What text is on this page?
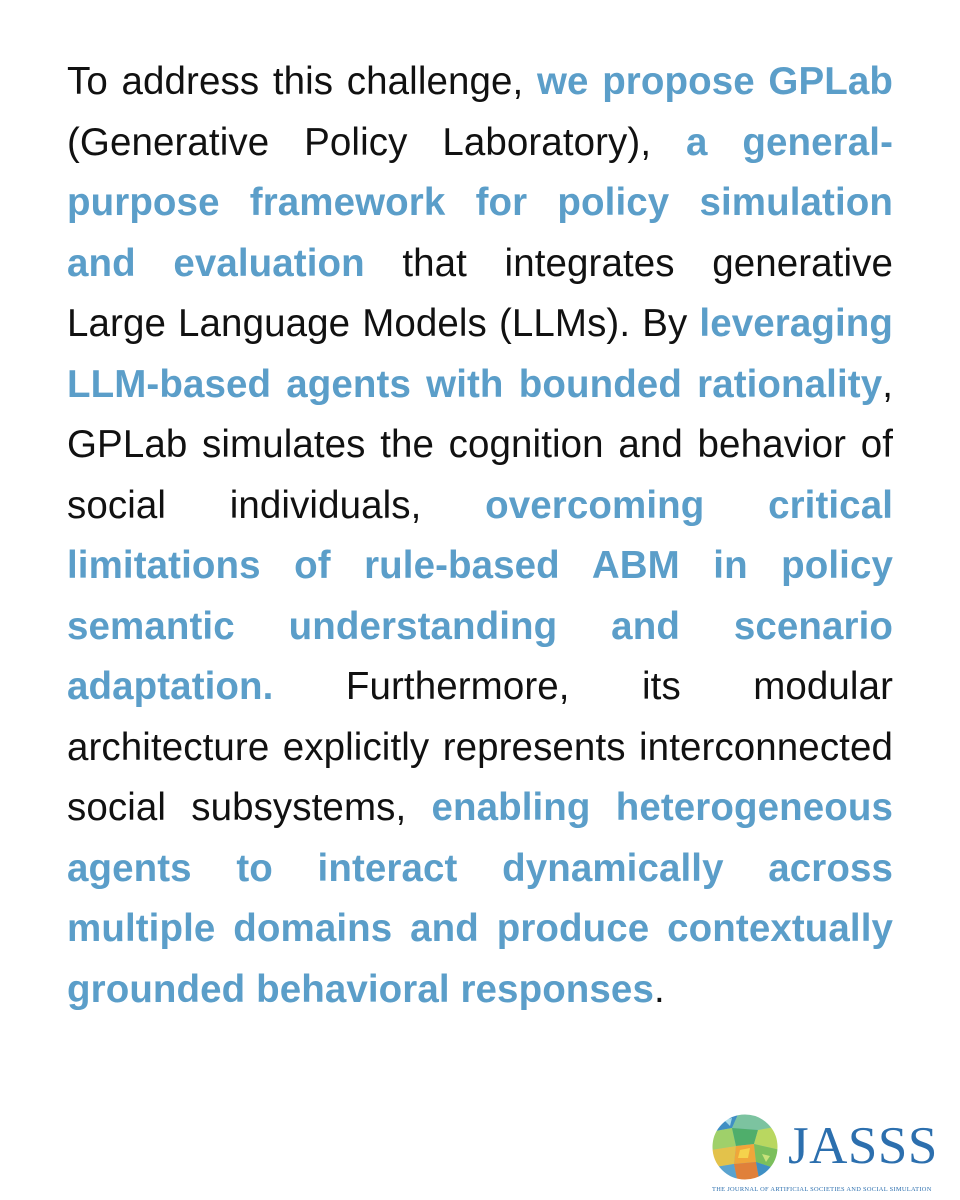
To address this challenge, we propose GPLab (Generative Policy Laboratory), a general-purpose framework for policy simulation and evaluation that integrates generative Large Language Models (LLMs). By leveraging LLM-based agents with bounded rationality, GPLab simulates the cognition and behavior of social individuals, overcoming critical limitations of rule-based ABM in policy semantic understanding and scenario adaptation. Furthermore, its modular architecture explicitly represents interconnected social subsystems, enabling heterogeneous agents to interact dynamically across multiple domains and produce contextually grounded behavioral responses.

JASSS
THE JOURNAL OF ARTIFICIAL SOCIETIES AND SOCIAL SIMULATION
